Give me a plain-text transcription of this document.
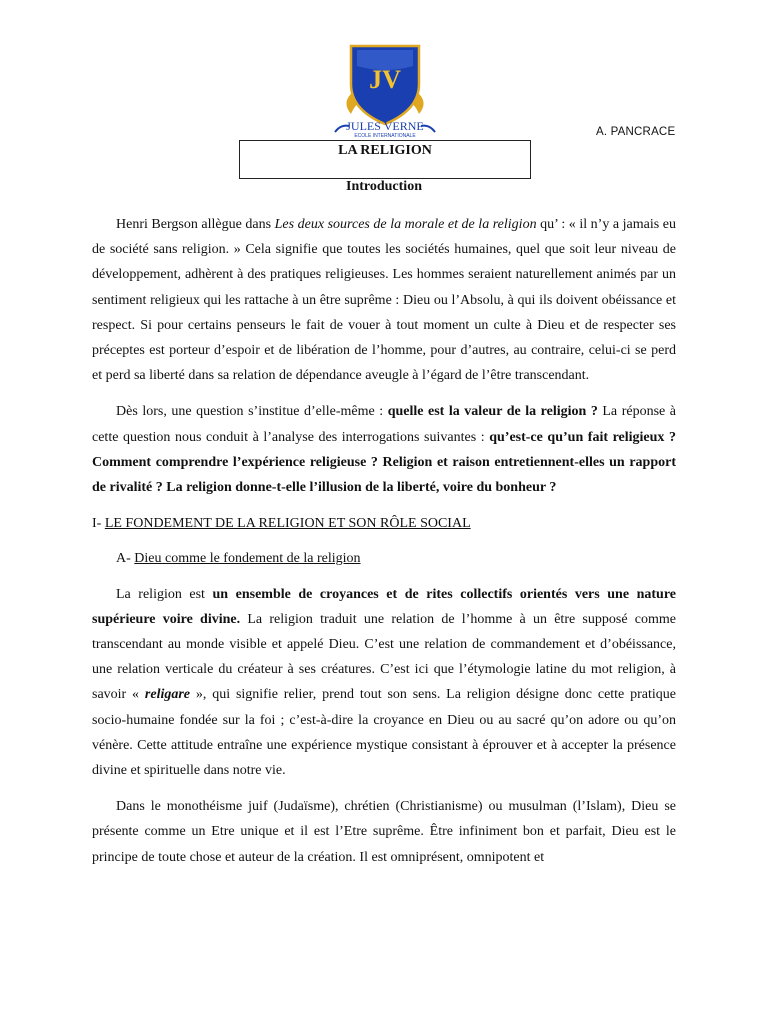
JV
JULES VERNE
ECOLE INTERNATIONALE	A. PANCRACE
LA RELIGION
Introduction

Henri Bergson allègue dans Les deux sources de la morale et de la religion qu’ : « il n’y a jamais eu de société sans religion. » Cela signifie que toutes les sociétés humaines, quel que soit leur niveau de développement, adhèrent à des pratiques religieuses. Les hommes seraient naturellement animés par un sentiment religieux qui les rattache à un être suprême : Dieu ou l’Absolu, à qui ils doivent obéissance et respect. Si pour certains penseurs le fait de vouer à tout moment un culte à Dieu et de respecter ses préceptes est porteur d’espoir et de libération de l’homme, pour d’autres, au contraire, celui-ci se perd et perd sa liberté dans sa relation de dépendance aveugle à l’égard de l’être transcendant.

Dès lors, une question s’institue d’elle-même : quelle est la valeur de la religion ? La réponse à cette question nous conduit à l’analyse des interrogations suivantes : qu’est-ce qu’un fait religieux ? Comment comprendre l’expérience religieuse ? Religion et raison entretiennent-elles un rapport de rivalité ? La religion donne-t-elle l’illusion de la liberté, voire du bonheur ?

I- LE FONDEMENT DE LA RELIGION ET SON RÔLE SOCIAL
A- Dieu comme le fondement de la religion

La religion est un ensemble de croyances et de rites collectifs orientés vers une nature supérieure voire divine. La religion traduit une relation de l’homme à un être supposé comme transcendant au monde visible et appelé Dieu. C’est une relation de commandement et d’obéissance, une relation verticale du créateur à ses créatures. C’est ici que l’étymologie latine du mot religion, à savoir « religare », qui signifie relier, prend tout son sens. La religion désigne donc cette pratique socio-humaine fondée sur la foi ; c’est-à-dire la croyance en Dieu ou au sacré qu’on adore ou qu’on vénère. Cette attitude entraîne une expérience mystique consistant à éprouver et à accepter la présence divine et spirituelle dans notre vie.

Dans le monothéisme juif (Judaïsme), chrétien (Christianisme) ou musulman (l’Islam), Dieu se présente comme un Etre unique et il est l’Etre suprême. Être infiniment bon et parfait, Dieu est le principe de toute chose et auteur de la création. Il est omniprésent, omnipotent et
